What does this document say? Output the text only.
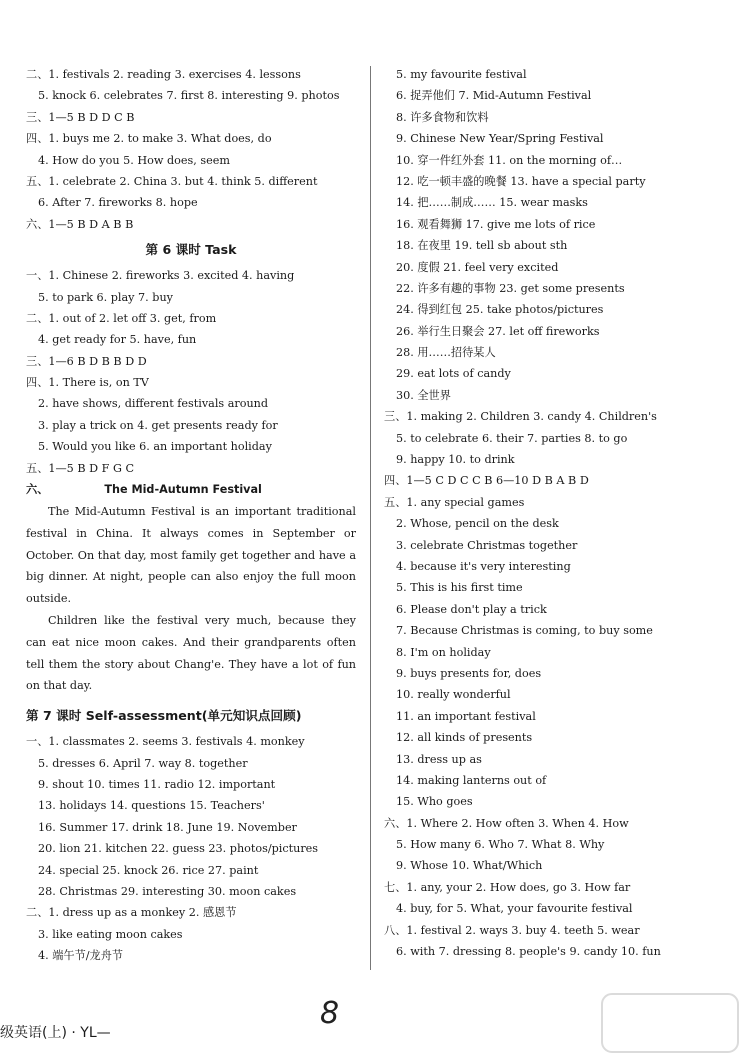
二、1. festivals 2. reading 3. exercises 4. lessons
5. knock 6. celebrates 7. first 8. interesting 9. photos
三、1—5 B D D C B
四、1. buys me 2. to make 3. What does, do
4. How do you 5. How does, seem
五、1. celebrate 2. China 3. but 4. think 5. different
6. After 7. fireworks 8. hope
六、1—5 B D A B B
第 6 课时 Task
一、1. Chinese 2. fireworks 3. excited 4. having
5. to park 6. play 7. buy
二、1. out of 2. let off 3. get, from
4. get ready for 5. have, fun
三、1—6 B D B B D D
四、1. There is, on TV
2. have shows, different festivals around
3. play a trick on 4. get presents ready for
5. Would you like 6. an important holiday
五、1—5 B D F G C
六、	The Mid-Autumn Festival

The Mid-Autumn Festival is an important traditional festival in China. It always comes in September or October. On that day, most family get together and have a big dinner. At night, people can also enjoy the full moon outside.

Children like the festival very much, because they can eat nice moon cakes. And their grandparents often tell them the story about Chang'e. They have a lot of fun on that day.

第 7 课时 Self-assessment(单元知识点回顾)
一、1. classmates 2. seems 3. festivals 4. monkey
5. dresses 6. April 7. way 8. together
9. shout 10. times 11. radio 12. important
13. holidays 14. questions 15. Teachers'
16. Summer 17. drink 18. June 19. November
20. lion 21. kitchen 22. guess 23. photos/pictures
24. special 25. knock 26. rice 27. paint
28. Christmas 29. interesting 30. moon cakes
二、1. dress up as a monkey 2. 感恩节
3. like eating moon cakes
4. 端午节/龙舟节
5. my favourite festival
6. 捉弄他们 7. Mid-Autumn Festival
8. 许多食物和饮料
9. Chinese New Year/Spring Festival
10. 穿一件红外套 11. on the morning of…
12. 吃一顿丰盛的晚餐 13. have a special party
14. 把……制成…… 15. wear masks
16. 观看舞狮 17. give me lots of rice
18. 在夜里 19. tell sb about sth
20. 度假 21. feel very excited
22. 许多有趣的事物 23. get some presents
24. 得到红包 25. take photos/pictures
26. 举行生日聚会 27. let off fireworks
28. 用……招待某人
29. eat lots of candy
30. 全世界
三、1. making 2. Children 3. candy 4. Children's
5. to celebrate 6. their 7. parties 8. to go
9. happy 10. to drink
四、1—5 C D C C B 6—10 D B A B D
五、1. any special games
2. Whose, pencil on the desk
3. celebrate Christmas together
4. because it's very interesting
5. This is his first time
6. Please don't play a trick
7. Because Christmas is coming, to buy some
8. I'm on holiday
9. buys presents for, does
10. really wonderful
11. an important festival
12. all kinds of presents
13. dress up as
14. making lanterns out of
15. Who goes
六、1. Where 2. How often 3. When 4. How
5. How many 6. Who 7. What 8. Why
9. Whose 10. What/Which
七、1. any, your 2. How does, go 3. How far
4. buy, for 5. What, your favourite festival
八、1. festival 2. ways 3. buy 4. teeth 5. wear
6. with 7. dressing 8. people's 9. candy 10. fun
级英语(上) · YL—
8
